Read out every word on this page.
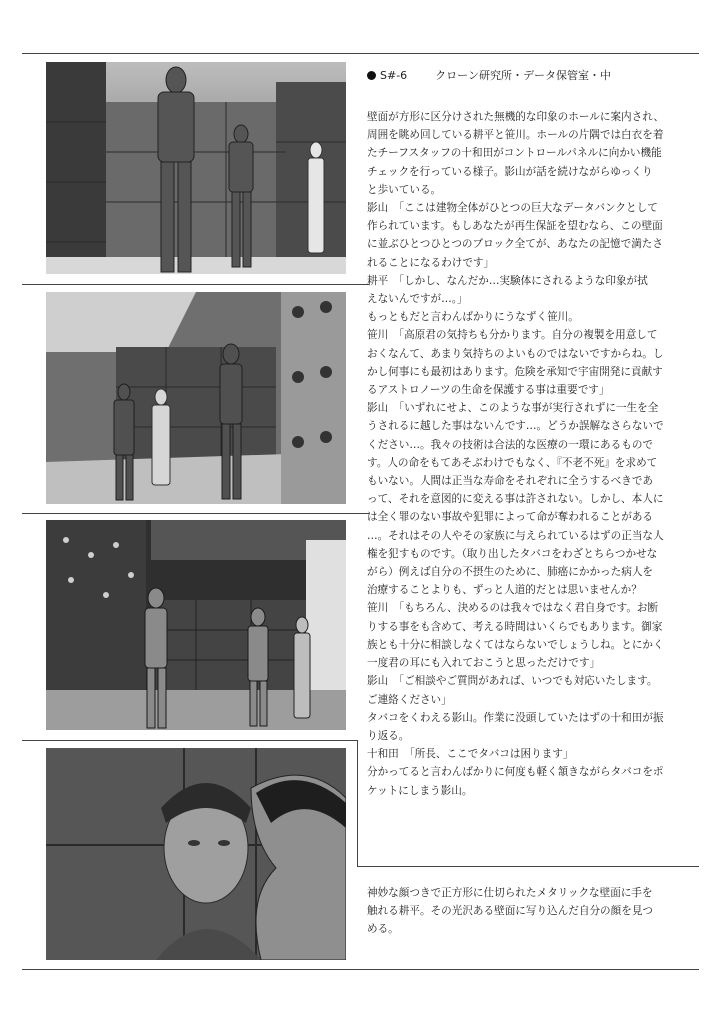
S#-6	クローン研究所・データ保管室・中

壁面が方形に区分けされた無機的な印象のホールに案内され、

周囲を眺め回している耕平と笹川。ホールの片隅では白衣を着

たチーフスタッフの十和田がコントロールパネルに向かい機能

チェックを行っている様子。影山が話を続けながらゆっくり

と歩いている。

影山　「ここは建物全体がひとつの巨大なデータバンクとして

作られています。もしあなたが再生保証を望むなら、この壁面

に並ぶひとつひとつのブロック全てが、あなたの記憶で満たさ

れることになるわけです」

耕平　「しかし、なんだか…実験体にされるような印象が拭

えないんですが…。」

もっともだと言わんばかりにうなずく笹川。

笹川　「高原君の気持ちも分かります。自分の複製を用意して

おくなんて、あまり気持ちのよいものではないですからね。し

かし何事にも最初はあります。危険を承知で宇宙開発に貢献す

るアストロノーツの生命を保護する事は重要です」

影山　「いずれにせよ、このような事が実行されずに一生を全

うされるに越した事はないんです…。どうか誤解なさらないで

ください…。我々の技術は合法的な医療の一環にあるもので

す。人の命をもてあそぶわけでもなく、『不老不死』を求めて

もいない。人間は正当な寿命をそれぞれに全うするべきであ

って、それを意図的に変える事は許されない。しかし、本人に

は全く罪のない事故や犯罪によって命が奪われることがある

…。それはその人やその家族に与えられているはずの正当な人

権を犯すものです。（取り出したタバコをわざとちらつかせな

がら）例えば自分の不摂生のために、肺癌にかかった病人を

治療することよりも、ずっと人道的だとは思いませんか？

笹川　「もちろん、決めるのは我々ではなく君自身です。お断

りする事をも含めて、考える時間はいくらでもあります。御家

族とも十分に相談しなくてはならないでしょうしね。とにかく

一度君の耳にも入れておこうと思っただけです」

影山　「ご相談やご質問があれば、いつでも対応いたします。

ご連絡ください」

タバコをくわえる影山。作業に没頭していたはずの十和田が振

り返る。

十和田　「所長、ここでタバコは困ります」

分かってると言わんばかりに何度も軽く頷きながらタバコをポ

ケットにしまう影山。

神妙な顔つきで正方形に仕切られたメタリックな壁面に手を

触れる耕平。その光沢ある壁面に写り込んだ自分の顔を見つ

める。
